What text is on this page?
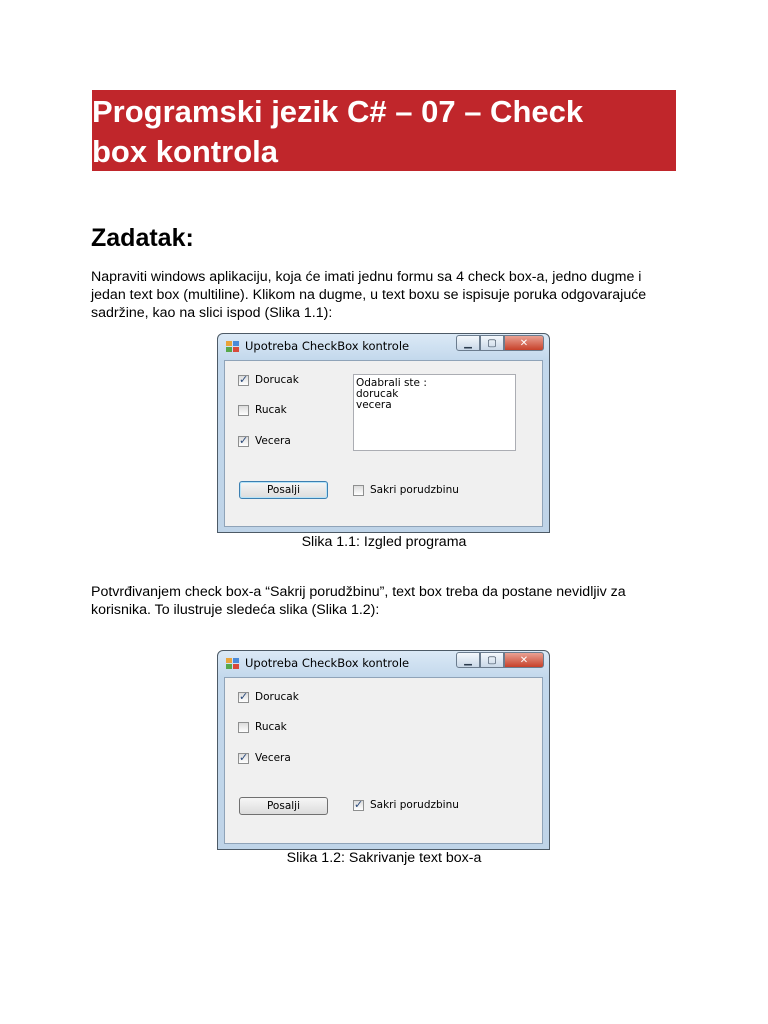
Programski jezik C# – 07 – Check
box kontrola
Zadatak:
Napraviti windows aplikaciju, koja će imati jednu formu sa 4 check box-a, jedno dugme i
jedan text box (multiline). Klikom na dugme, u text boxu se ispisuje poruka odgovarajuće
sadržine, kao na slici ispod (Slika 1.1):
Upotreba CheckBox kontrole	▁	▢	✕
✓
Dorucak
Rucak
✓
Vecera
Odabrali ste :
dorucak
vecera
Posalji	Sakri porudzbinu
Slika 1.1: Izgled programa
Potvrđivanjem check box-a “Sakrij porudžbinu”, text box treba da postane nevidljiv za
korisnika. To ilustruje sledeća slika (Slika 1.2):
Upotreba CheckBox kontrole	▁	▢	✕
✓
Dorucak
Rucak
✓
Vecera
Posalji
✓	Sakri porudzbinu
Slika 1.2: Sakrivanje text box-a
